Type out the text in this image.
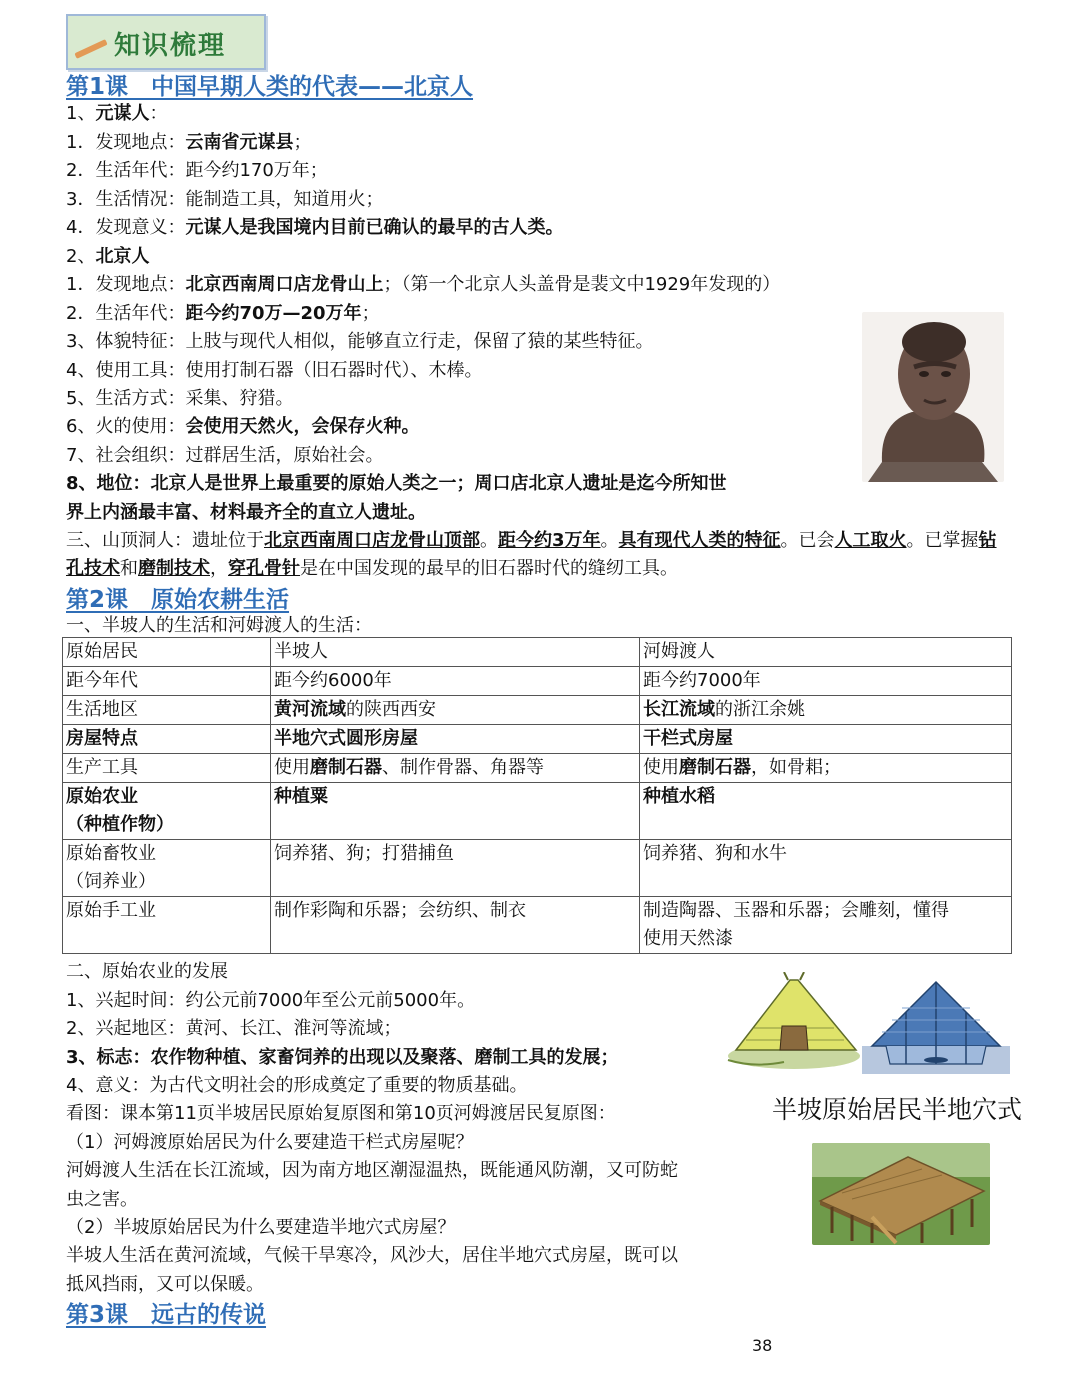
知识梳理
第1课　中国早期人类的代表——北京人
1、元谋人：
1．发现地点：云南省元谋县；
2．生活年代：距今约170万年；
3．生活情况：能制造工具，知道用火；
4．发现意义：元谋人是我国境内目前已确认的最早的古人类。
2、北京人
1．发现地点：北京西南周口店龙骨山上；（第一个北京人头盖骨是裴文中1929年发现的）
2．生活年代：距今约70万—20万年；
3、体貌特征：上肢与现代人相似，能够直立行走，保留了猿的某些特征。
4、使用工具：使用打制石器（旧石器时代）、木棒。
5、生活方式：采集、狩猎。
6、火的使用：会使用天然火，会保存火种。
7、社会组织：过群居生活，原始社会。
8、地位：北京人是世界上最重要的原始人类之一；周口店北京人遗址是迄今所知世
界上内涵最丰富、材料最齐全的直立人遗址。
三、山顶洞人：遗址位于北京西南周口店龙骨山顶部。距今约3万年。具有现代人类的特征。已会人工取火。已掌握钻孔技术和磨制技术，穿孔骨针是在中国发现的最早的旧石器时代的缝纫工具。
第2课　原始农耕生活
一、半坡人的生活和河姆渡人的生活：
原始居民	半坡人	河姆渡人
距今年代	距今约6000年	距今约7000年
生活地区	黄河流域的陕西西安	长江流域的浙江余姚
房屋特点	半地穴式圆形房屋	干栏式房屋
生产工具	使用磨制石器、制作骨器、角器等	使用磨制石器，如骨耜；
原始农业
（种植作物）	种植粟	种植水稻
原始畜牧业
（饲养业）	饲养猪、狗；打猎捕鱼	饲养猪、狗和水牛
原始手工业	制作彩陶和乐器；会纺织、制衣	制造陶器、玉器和乐器；会雕刻，懂得
使用天然漆
二、原始农业的发展
1、兴起时间：约公元前7000年至公元前5000年。
2、兴起地区：黄河、长江、淮河等流域；
3、标志：农作物种植、家畜饲养的出现以及聚落、磨制工具的发展；
4、意义：为古代文明社会的形成奠定了重要的物质基础。
看图：课本第11页半坡居民原始复原图和第10页河姆渡居民复原图：
（1）河姆渡原始居民为什么要建造干栏式房屋呢？
河姆渡人生活在长江流域，因为南方地区潮湿温热，既能通风防潮，又可防蛇
虫之害。
（2）半坡原始居民为什么要建造半地穴式房屋？
半坡人生活在黄河流域，气候干旱寒冷，风沙大，居住半地穴式房屋，既可以
抵风挡雨，又可以保暖。
半坡原始居民半地穴式
第3课　远古的传说
38
